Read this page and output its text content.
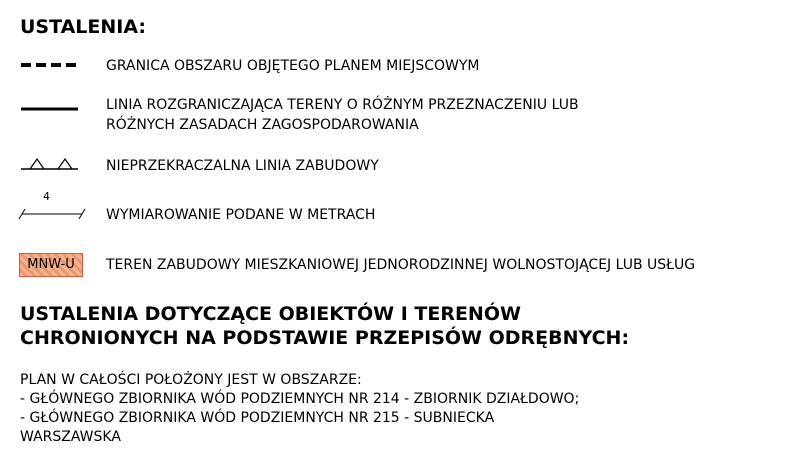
USTALENIA:
GRANICA OBSZARU OBJĘTEGO PLANEM MIEJSCOWYM
LINIA ROZGRANICZAJĄCA TERENY O RÓŻNYM PRZEZNACZENIU LUB
RÓŻNYCH ZASADACH ZAGOSPODAROWANIA
NIEPRZEKRACZALNA LINIA ZABUDOWY
4
WYMIAROWANIE PODANE W METRACH
MNW-U	TEREN ZABUDOWY MIESZKANIOWEJ JEDNORODZINNEJ WOLNOSTOJĄCEJ LUB USŁUG
USTALENIA DOTYCZĄCE OBIEKTÓW I TERENÓW
CHRONIONYCH NA PODSTAWIE PRZEPISÓW ODRĘBNYCH:
PLAN W CAŁOŚCI POŁOŻONY JEST W OBSZARZE:
- GŁÓWNEGO ZBIORNIKA WÓD PODZIEMNYCH NR 214 - ZBIORNIK DZIAŁDOWO;
- GŁÓWNEGO ZBIORNIKA WÓD PODZIEMNYCH NR 215 - SUBNIECKA
WARSZAWSKA
